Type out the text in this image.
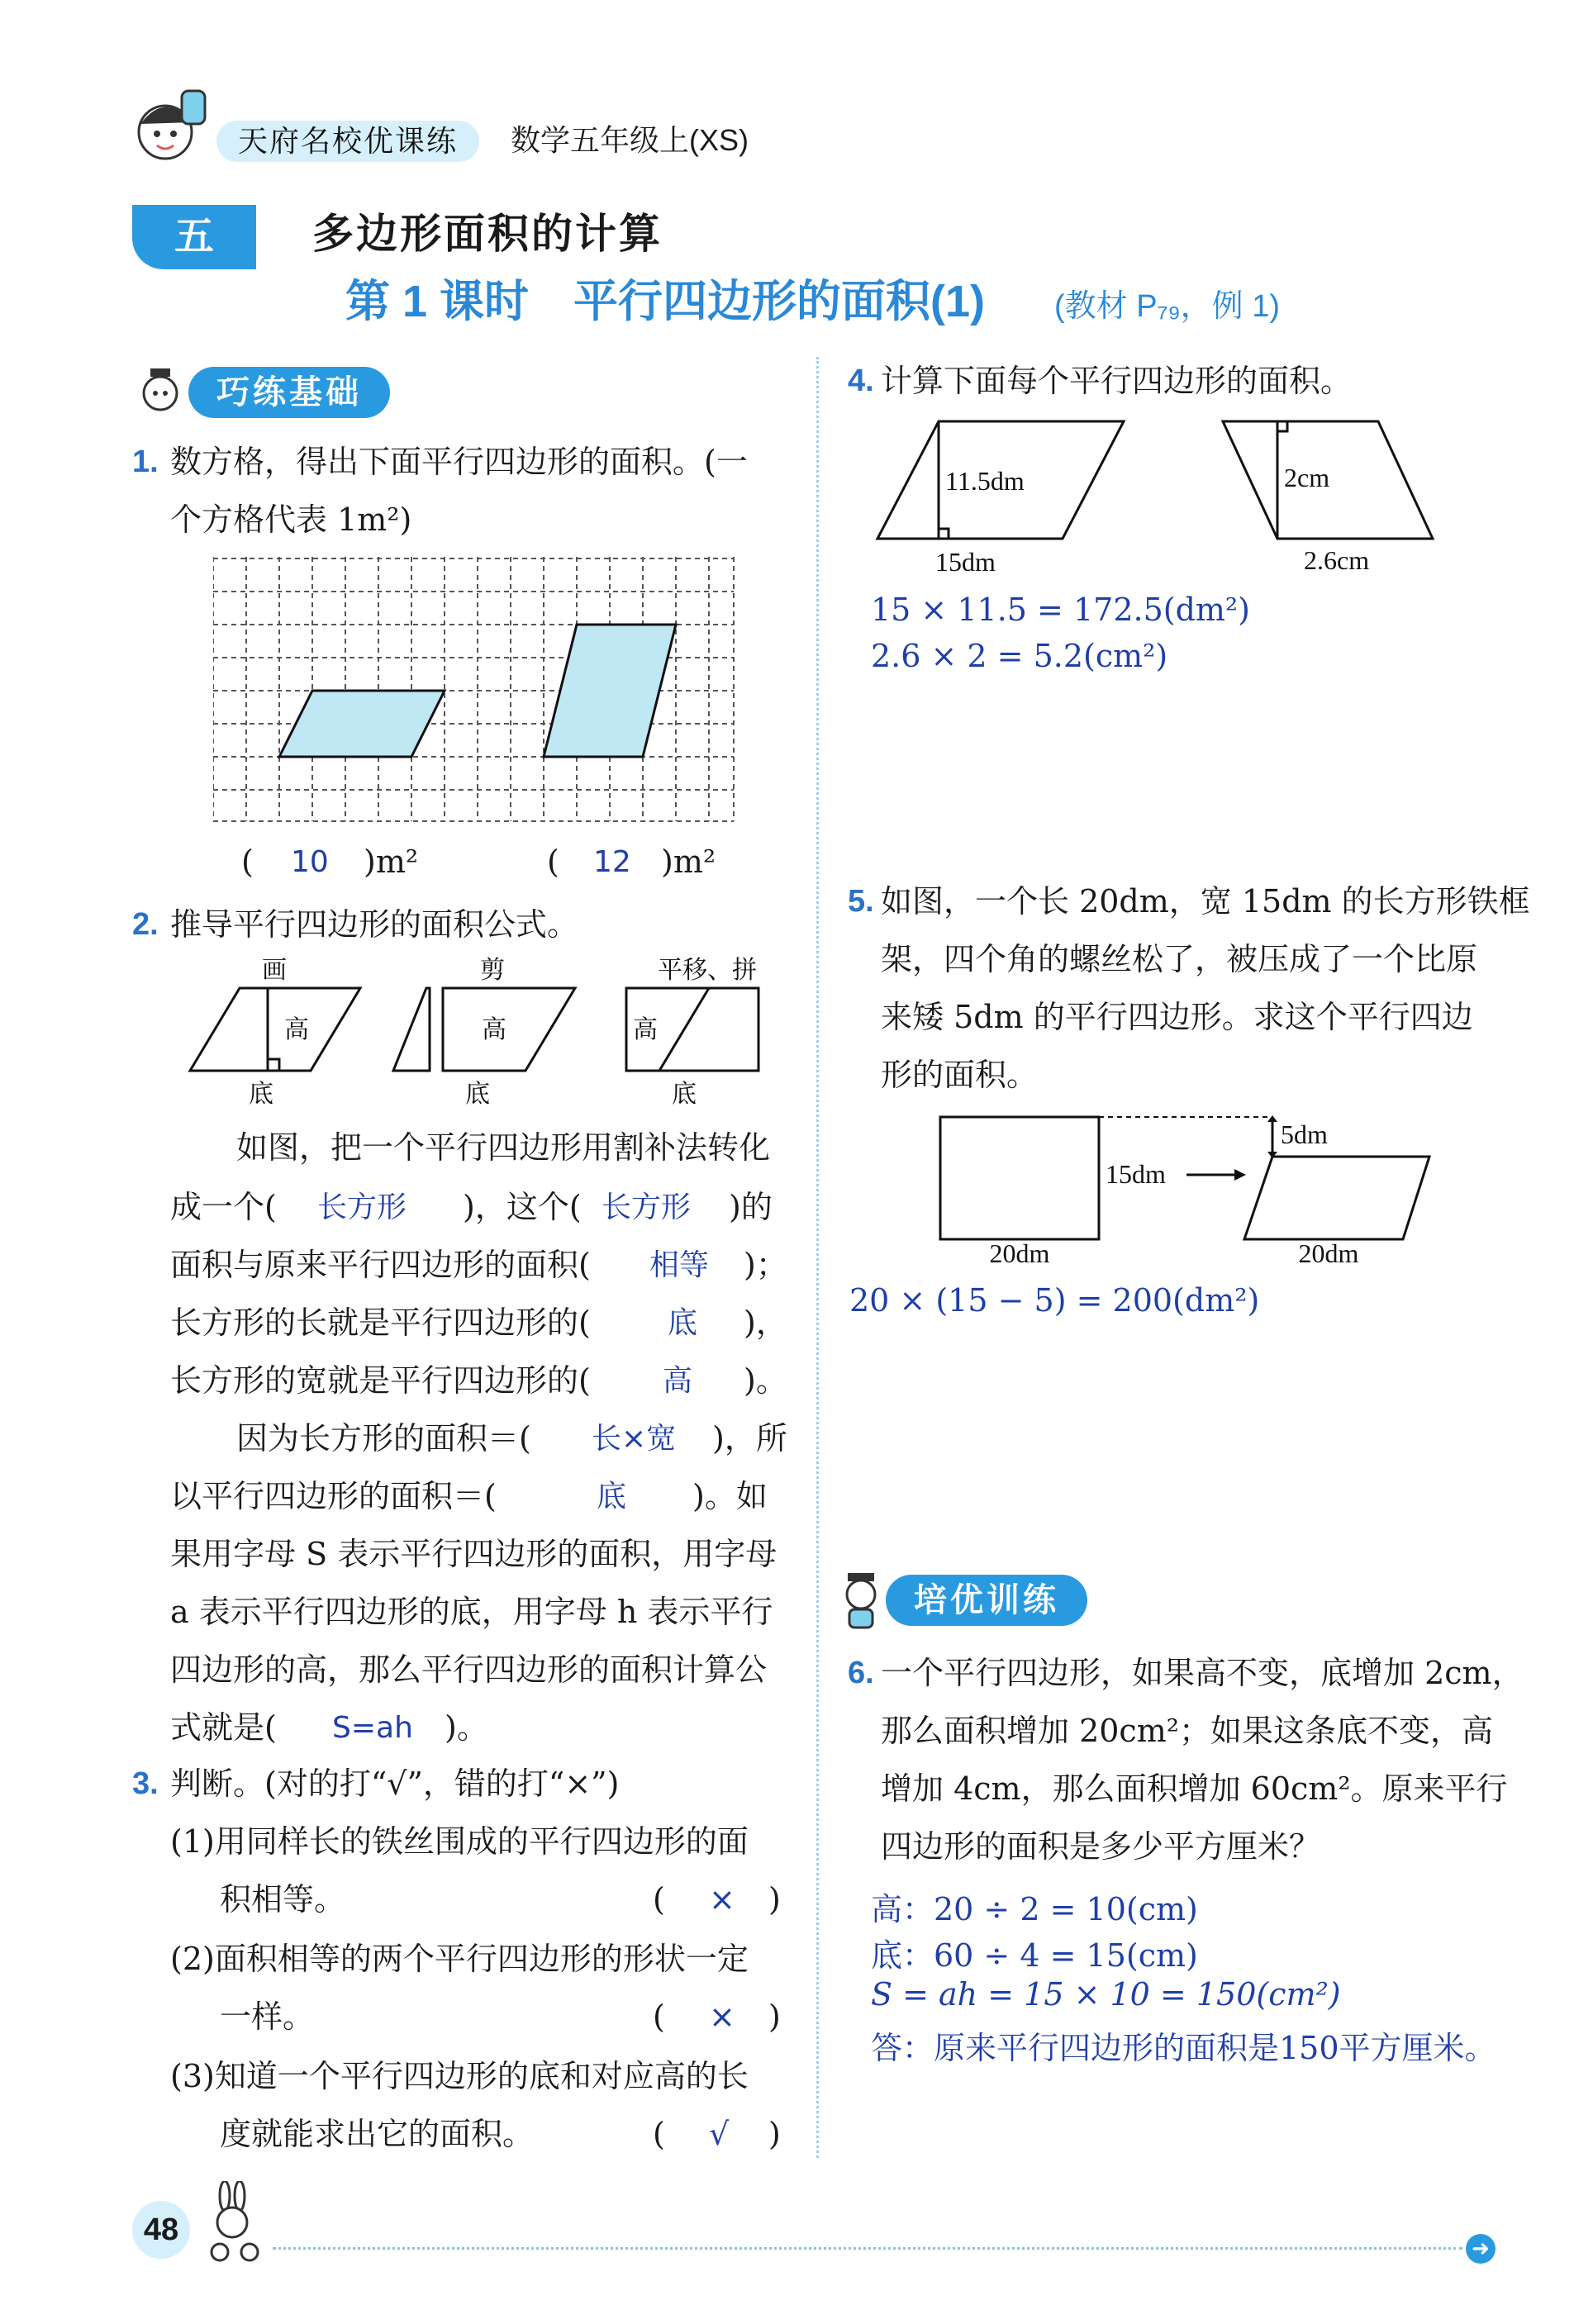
天府名校优课练	数学五年级上(XS)
五	多边形面积的计算
第 1 课时　平行四边形的面积(1) (教材 P₇₉，例 1)
巧练基础
1. 数方格，得出下面平行四边形的面积。(一
个方格代表 1m²)
( 10 )m²	( 12 )m²
2. 推导平行四边形的面积公式。
画	剪	平移、拼
高	高	高
底	底	底
如图，把一个平行四边形用割补法转化
成一个( 长方形 )，这个( 长方形 )的
面积与原来平行四边形的面积( 相等 )；
长方形的长就是平行四边形的(	底 )，
长方形的宽就是平行四边形的( 高 )。
因为长方形的面积＝( 长×宽 )，所
以平行四边形的面积＝(	底 )。如
果用字母 S 表示平行四边形的面积，用字母
a 表示平行四边形的底，用字母 h 表示平行
四边形的高，那么平行四边形的面积计算公
式就是( S=ah )。
3. 判断。(对的打“√”，错的打“×”)
(1)用同样长的铁丝围成的平行四边形的面
积相等。	( × )
(2)面积相等的两个平行四边形的形状一定
一样。	( × )
(3)知道一个平行四边形的底和对应高的长
度就能求出它的面积。	( √ )
4. 计算下面每个平行四边形的面积。
11.5dm
15dm
2cm
2.6cm
15 × 11.5 = 172.5(dm²)
2.6 × 2 = 5.2(cm²)
5. 如图，一个长 20dm，宽 15dm 的长方形铁框
架，四个角的螺丝松了，被压成了一个比原
来矮 5dm 的平行四边形。求这个平行四边
形的面积。
15dm
5dm
20dm	20dm
20 × (15 − 5) = 200(dm²)
培优训练
6. 一个平行四边形，如果高不变，底增加 2cm，
那么面积增加 20cm²；如果这条底不变，高
增加 4cm，那么面积增加 60cm²。原来平行
四边形的面积是多少平方厘米？
高：20 ÷ 2 = 10(cm)
底：60 ÷ 4 = 15(cm)
S = ah = 15 × 10 = 150(cm²)
答：原来平行四边形的面积是150平方厘米。
48
➜
